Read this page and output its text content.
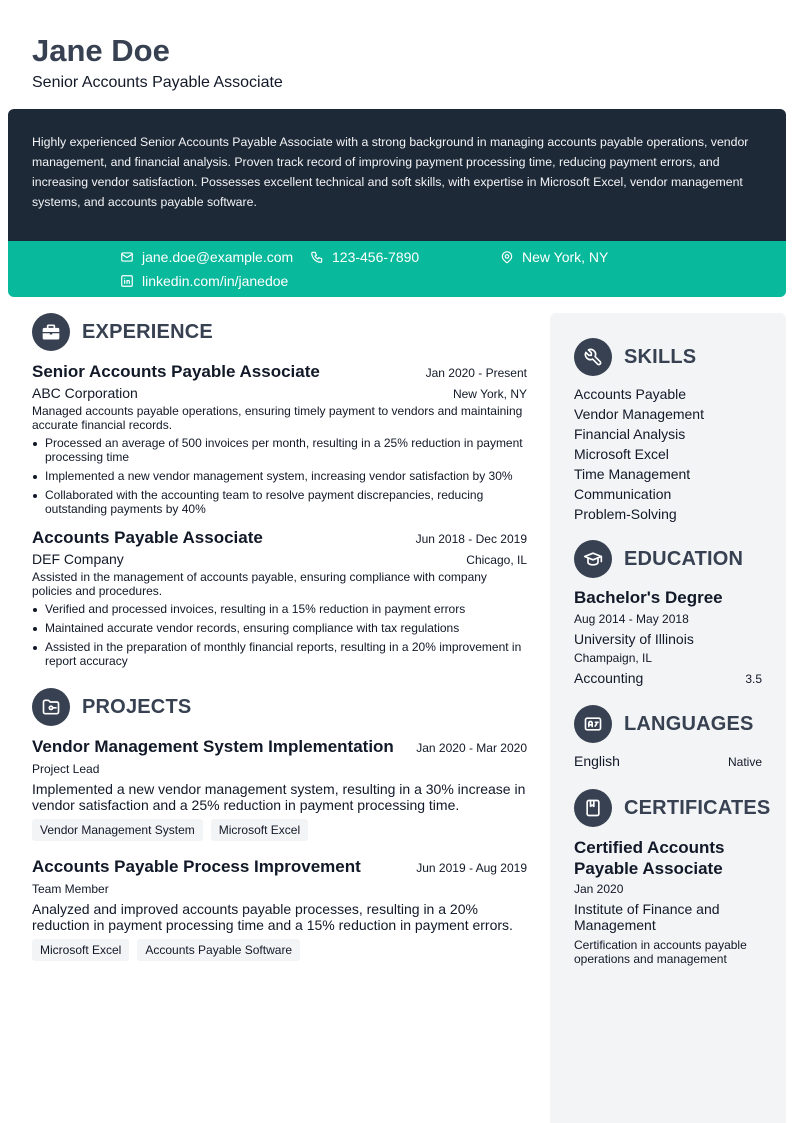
Jane Doe
Senior Accounts Payable Associate

Highly experienced Senior Accounts Payable Associate with a strong background in managing accounts payable operations, vendor management, and financial analysis. Proven track record of improving payment processing time, reducing payment errors, and increasing vendor satisfaction. Possesses excellent technical and soft skills, with expertise in Microsoft Excel, vendor management systems, and accounts payable software.

jane.doe@example.com	123-456-7890	New York, NY
linkedin.com/in/janedoe
EXPERIENCE
Senior Accounts Payable Associate	Jan 2020 - Present
ABC Corporation	New York, NY

Managed accounts payable operations, ensuring timely payment to vendors and maintaining accurate financial records.

Processed an average of 500 invoices per month, resulting in a 25% reduction in payment processing time
Implemented a new vendor management system, increasing vendor satisfaction by 30%
Collaborated with the accounting team to resolve payment discrepancies, reducing outstanding payments by 40%
Accounts Payable Associate	Jun 2018 - Dec 2019
DEF Company	Chicago, IL

Assisted in the management of accounts payable, ensuring compliance with company policies and procedures.

Verified and processed invoices, resulting in a 15% reduction in payment errors
Maintained accurate vendor records, ensuring compliance with tax regulations
Assisted in the preparation of monthly financial reports, resulting in a 20% improvement in report accuracy
PROJECTS
Vendor Management System Implementation Jan 2020 - Mar 2020
Project Lead

Implemented a new vendor management system, resulting in a 30% increase in vendor satisfaction and a 25% reduction in payment processing time.

Vendor Management System	Microsoft Excel
Accounts Payable Process Improvement	Jun 2019 - Aug 2019
Team Member

Analyzed and improved accounts payable processes, resulting in a 20% reduction in payment processing time and a 15% reduction in payment errors.

Microsoft Excel	Accounts Payable Software
SKILLS
Accounts Payable
Vendor Management
Financial Analysis
Microsoft Excel
Time Management
Communication
Problem-Solving
EDUCATION
Bachelor's Degree
Aug 2014 - May 2018
University of Illinois
Champaign, IL
Accounting	3.5
LANGUAGES
English	Native
CERTIFICATES
Certified Accounts Payable Associate
Jan 2020
Institute of Finance and Management
Certification in accounts payable operations and management
